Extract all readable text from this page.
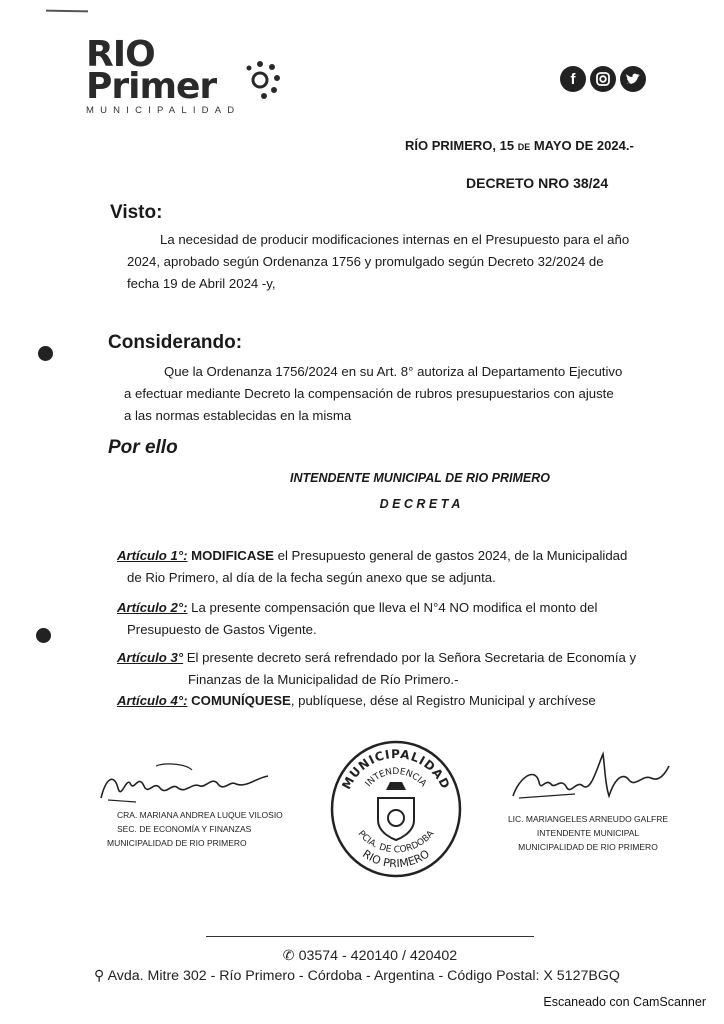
RIO
Primer
MUNICIPALIDAD
f
RÍO PRIMERO, 15 DE MAYO DE 2024.-
DECRETO NRO 38/24
Visto:
La necesidad de producir modificaciones internas en el Presupuesto para el año
2024, aprobado según Ordenanza 1756 y promulgado según Decreto 32/2024 de
fecha 19 de Abril 2024 -y,
Considerando:
Que la Ordenanza 1756/2024 en su Art. 8° autoriza al Departamento Ejecutivo
a efectuar mediante Decreto la compensación de rubros presupuestarios con ajuste
a las normas establecidas en la misma
Por ello
INTENDENTE MUNICIPAL DE RIO PRIMERO
D E C R E T A
Artículo 1°: MODIFICASE el Presupuesto general de gastos 2024, de la Municipalidad
de Rio Primero, al día de la fecha según anexo que se adjunta.
Artículo 2°: La presente compensación que lleva el N°4 NO modifica el monto del
Presupuesto de Gastos Vigente.
Artículo 3° El presente decreto será refrendado por la Señora Secretaria de Economía y
Finanzas de la Municipalidad de Río Primero.-
Artículo 4°: COMUNÍQUESE, publíquese, dése al Registro Municipal y archívese
CRA. MARIANA ANDREA LUQUE VILOSIO
SEC. DE ECONOMÍA Y FINANZAS
MUNICIPALIDAD DE RIO PRIMERO
MUNICIPALIDAD
INTENDENCIA
PCIA. DE CORDOBA
RIO PRIMERO
LIC. MARIANGELES ARNEUDO GALFRE
INTENDENTE MUNICIPAL
MUNICIPALIDAD DE RIO PRIMERO
✆ 03574 - 420140 / 420402
⚲ Avda. Mitre 302 - Río Primero - Córdoba - Argentina - Código Postal: X 5127BGQ
Escaneado con CamScanner
